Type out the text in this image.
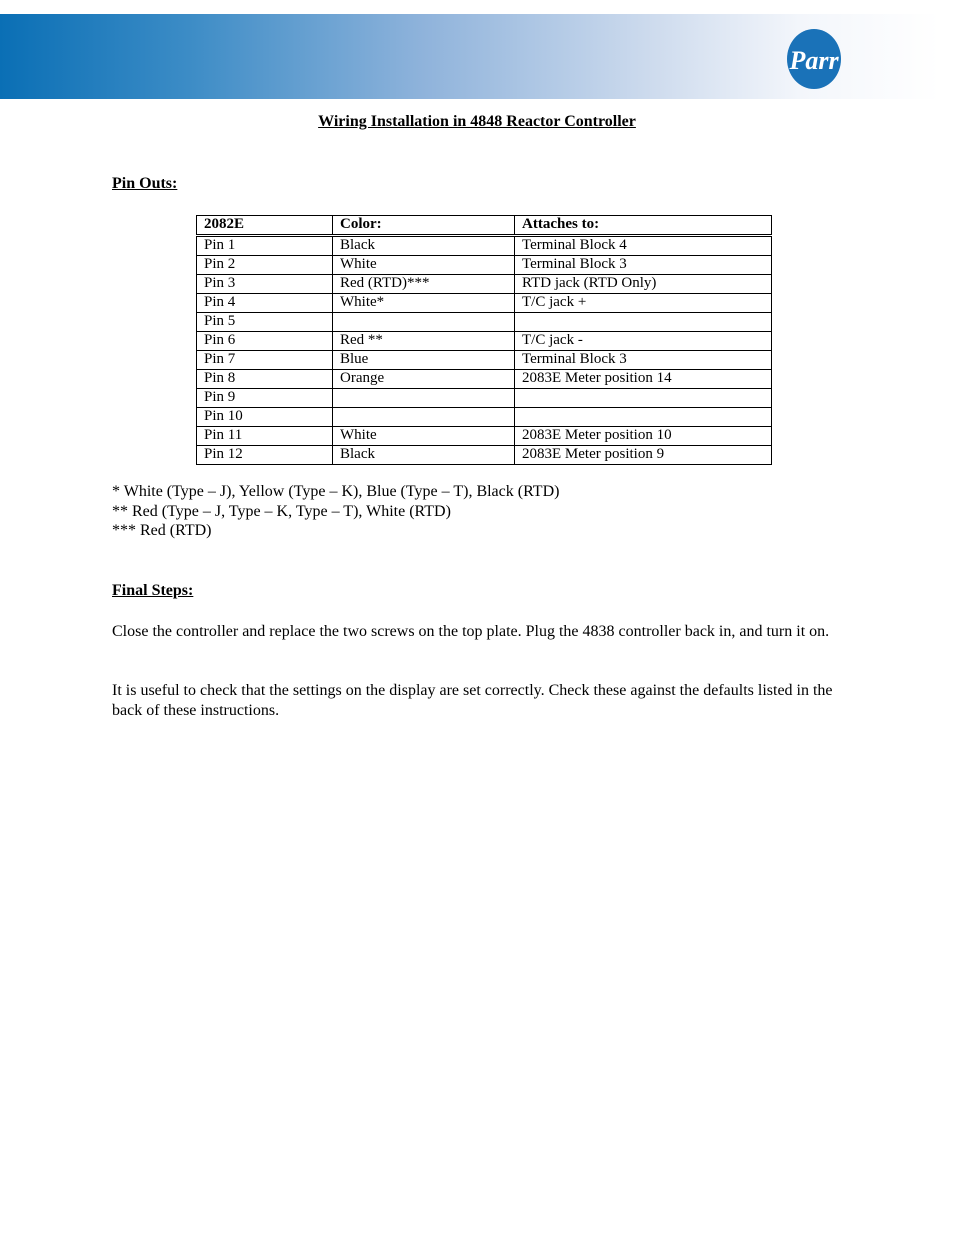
Parr
Wiring Installation in 4848 Reactor Controller
Pin Outs:
2082E	Color:	Attaches to:
Pin 1	Black	Terminal Block 4
Pin 2	White	Terminal Block 3
Pin 3	Red (RTD)***	RTD jack (RTD Only)
Pin 4	White*	T/C jack +
Pin 5		
Pin 6	Red **	T/C jack -
Pin 7	Blue	Terminal Block 3
Pin 8	Orange	2083E Meter position 14
Pin 9		
Pin 10		
Pin 11	White	2083E Meter position 10
Pin 12	Black	2083E Meter position 9
* White (Type – J), Yellow (Type – K), Blue (Type – T), Black (RTD)
** Red (Type – J, Type – K, Type – T), White (RTD)
*** Red (RTD)
Final Steps:
Close the controller and replace the two screws on the top plate. Plug the 4838 controller back in, and turn it on.
It is useful to check that the settings on the display are set correctly. Check these against the defaults listed in the back of these instructions.
